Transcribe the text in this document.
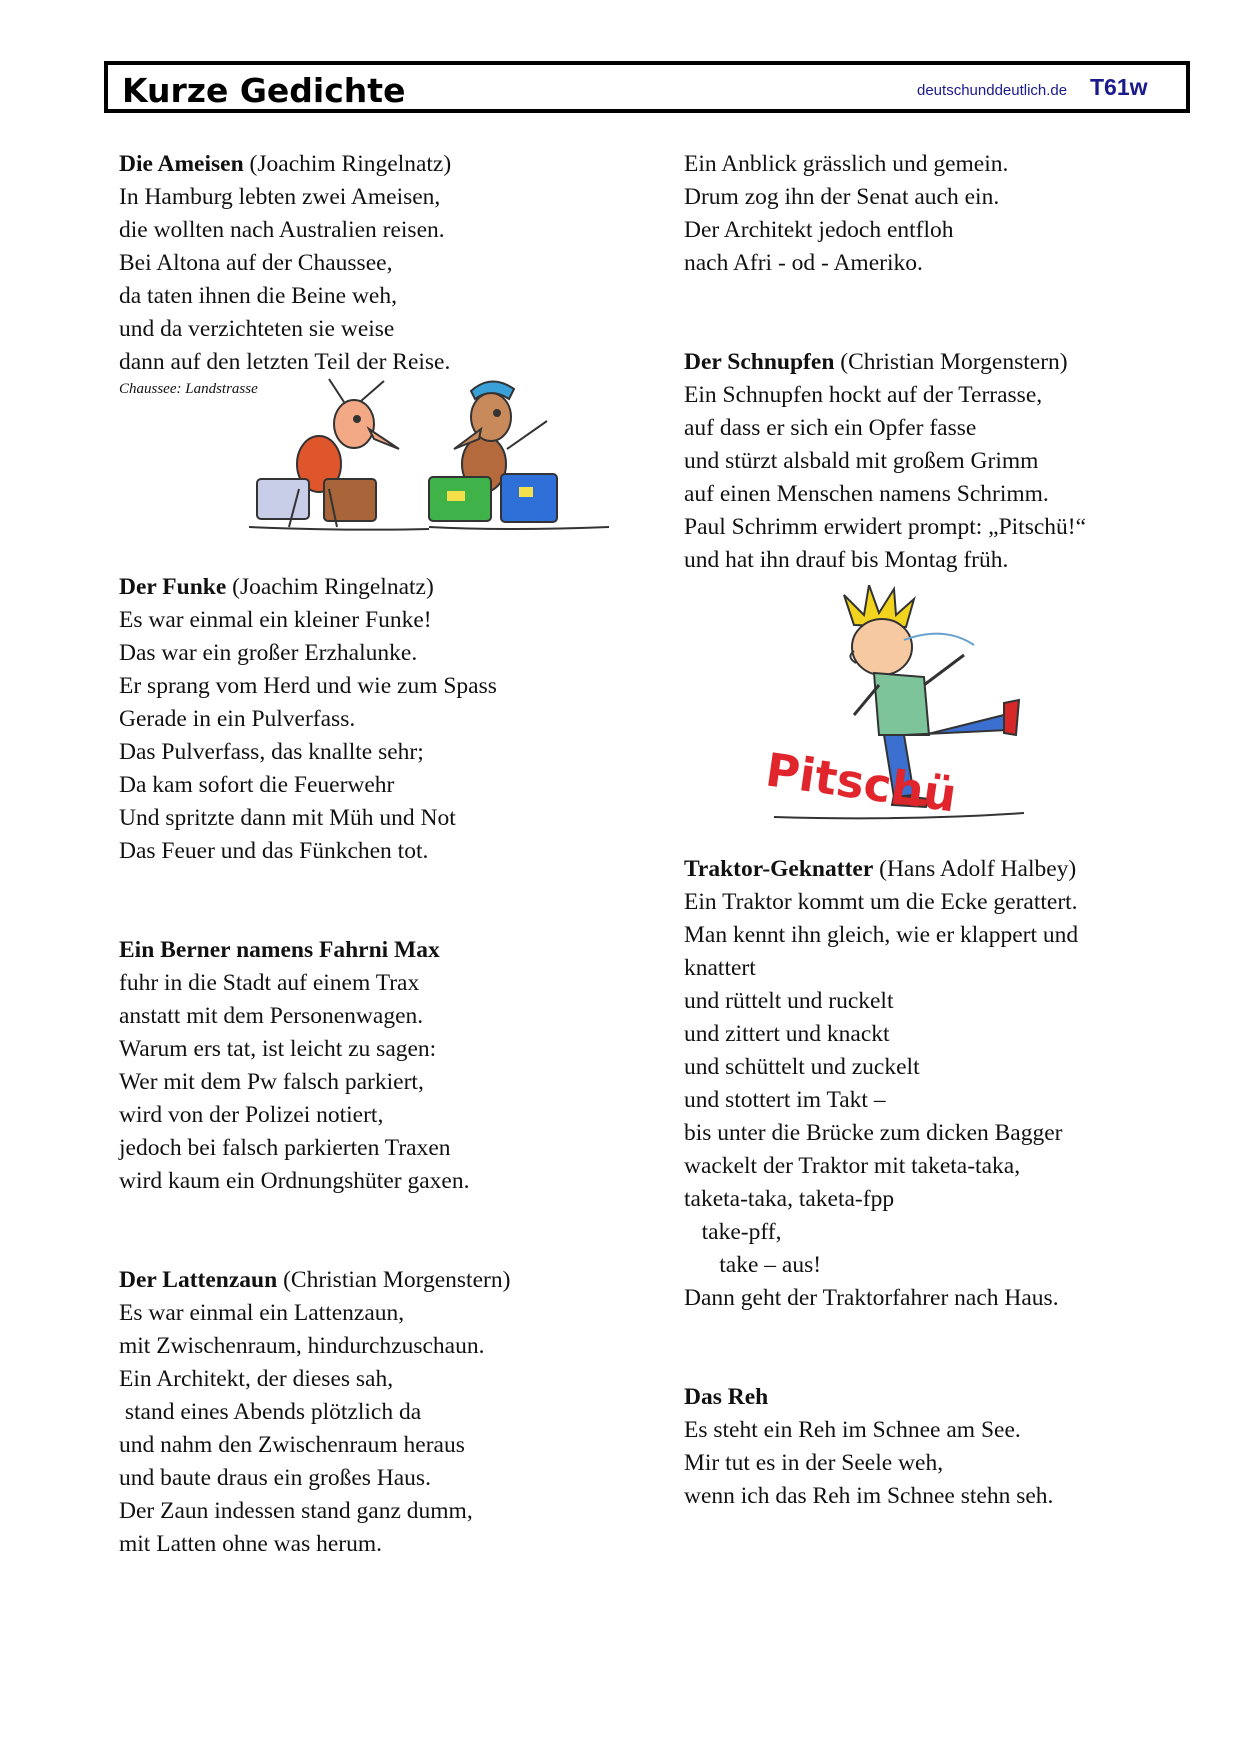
Kurze Gedichte	deutschunddeutlich.de T61w
Die Ameisen (Joachim Ringelnatz)
In Hamburg lebten zwei Ameisen,
die wollten nach Australien reisen.
Bei Altona auf der Chaussee,
da taten ihnen die Beine weh,
und da verzichteten sie weise
dann auf den letzten Teil der Reise.
Chaussee: Landstrasse
Der Funke (Joachim Ringelnatz)
Es war einmal ein kleiner Funke!
Das war ein großer Erzhalunke.
Er sprang vom Herd und wie zum Spass
Gerade in ein Pulverfass.
Das Pulverfass, das knallte sehr;
Da kam sofort die Feuerwehr
Und spritzte dann mit Müh und Not
Das Feuer und das Fünkchen tot.
Ein Berner namens Fahrni Max
fuhr in die Stadt auf einem Trax
anstatt mit dem Personenwagen.
Warum ers tat, ist leicht zu sagen:
Wer mit dem Pw falsch parkiert,
wird von der Polizei notiert,
jedoch bei falsch parkierten Traxen
wird kaum ein Ordnungshüter gaxen.
Der Lattenzaun (Christian Morgenstern)
Es war einmal ein Lattenzaun,
mit Zwischenraum, hindurchzuschaun.
Ein Architekt, der dieses sah,
stand eines Abends plötzlich da
und nahm den Zwischenraum heraus
und baute draus ein großes Haus.
Der Zaun indessen stand ganz dumm,
mit Latten ohne was herum.
Ein Anblick grässlich und gemein.
Drum zog ihn der Senat auch ein.
Der Architekt jedoch entfloh
nach Afri - od - Ameriko.
Der Schnupfen (Christian Morgenstern)
Ein Schnupfen hockt auf der Terrasse,
auf dass er sich ein Opfer fasse
und stürzt alsbald mit großem Grimm
auf einen Menschen namens Schrimm.
Paul Schrimm erwidert prompt: „Pitschü!“
und hat ihn drauf bis Montag früh.
Pitschü
Traktor-Geknatter (Hans Adolf Halbey)
Ein Traktor kommt um die Ecke gerattert.
Man kennt ihn gleich, wie er klappert und
knattert
und rüttelt und ruckelt
und zittert und knackt
und schüttelt und zuckelt
und stottert im Takt –
bis unter die Brücke zum dicken Bagger
wackelt der Traktor mit taketa-taka,
taketa-taka, taketa-fpp
take-pff,
take – aus!
Dann geht der Traktorfahrer nach Haus.
Das Reh
Es steht ein Reh im Schnee am See.
Mir tut es in der Seele weh,
wenn ich das Reh im Schnee stehn seh.
